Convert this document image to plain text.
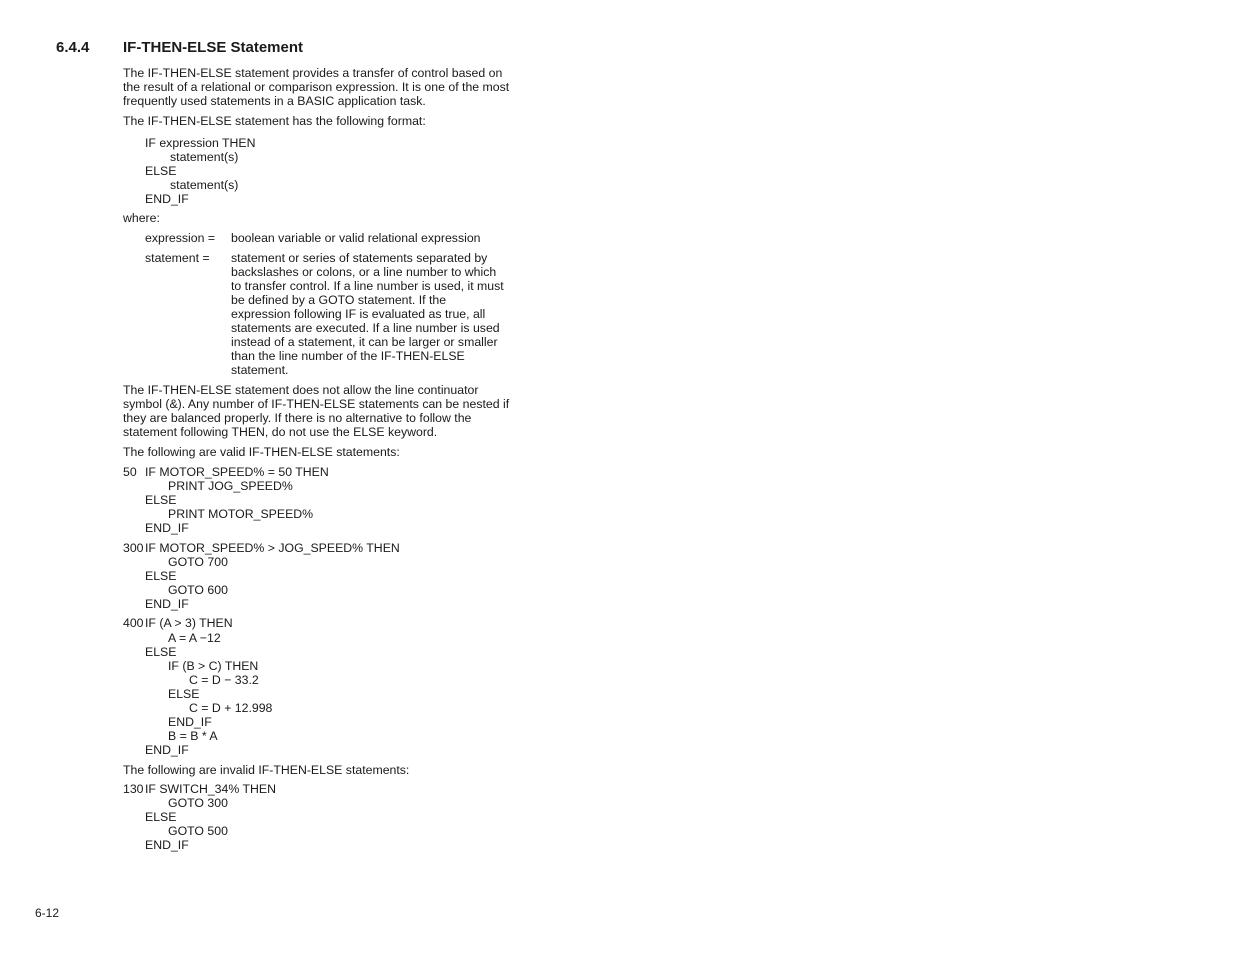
6.4.4 IF-THEN-ELSE Statement

The IF-THEN-ELSE statement provides a transfer of control based on the result of a relational or comparison expression. It is one of the most frequently used statements in a BASIC application task.

The IF-THEN-ELSE statement has the following format:

IF expression THEN
statement(s)
ELSE
statement(s)
END_IF
where:
expression = boolean variable or valid relational expression
statement = statement or series of statements separated by backslashes or colons, or a line number to which to transfer control. If a line number is used, it must be defined by a GOTO statement. If the expression following IF is evaluated as true, all statements are executed. If a line number is used instead of a statement, it can be larger or smaller than the line number of the IF-THEN-ELSE statement.

The IF-THEN-ELSE statement does not allow the line continuator symbol (&). Any number of IF-THEN-ELSE statements can be nested if they are balanced properly. If there is no alternative to follow the statement following THEN, do not use the ELSE keyword.

The following are valid IF-THEN-ELSE statements:

50 IF MOTOR_SPEED% = 50 THEN
PRINT JOG_SPEED%
ELSE
PRINT MOTOR_SPEED%
END_IF
300 IF MOTOR_SPEED% > JOG_SPEED% THEN
GOTO 700
ELSE
GOTO 600
END_IF
400 IF (A > 3) THEN
A = A −12
ELSE
IF (B > C) THEN
C = D − 33.2
ELSE
C = D + 12.998
END_IF
B = B * A
END_IF

The following are invalid IF-THEN-ELSE statements:

130 IF SWITCH_34% THEN
GOTO 300
ELSE
GOTO 500
END_IF
6-12
